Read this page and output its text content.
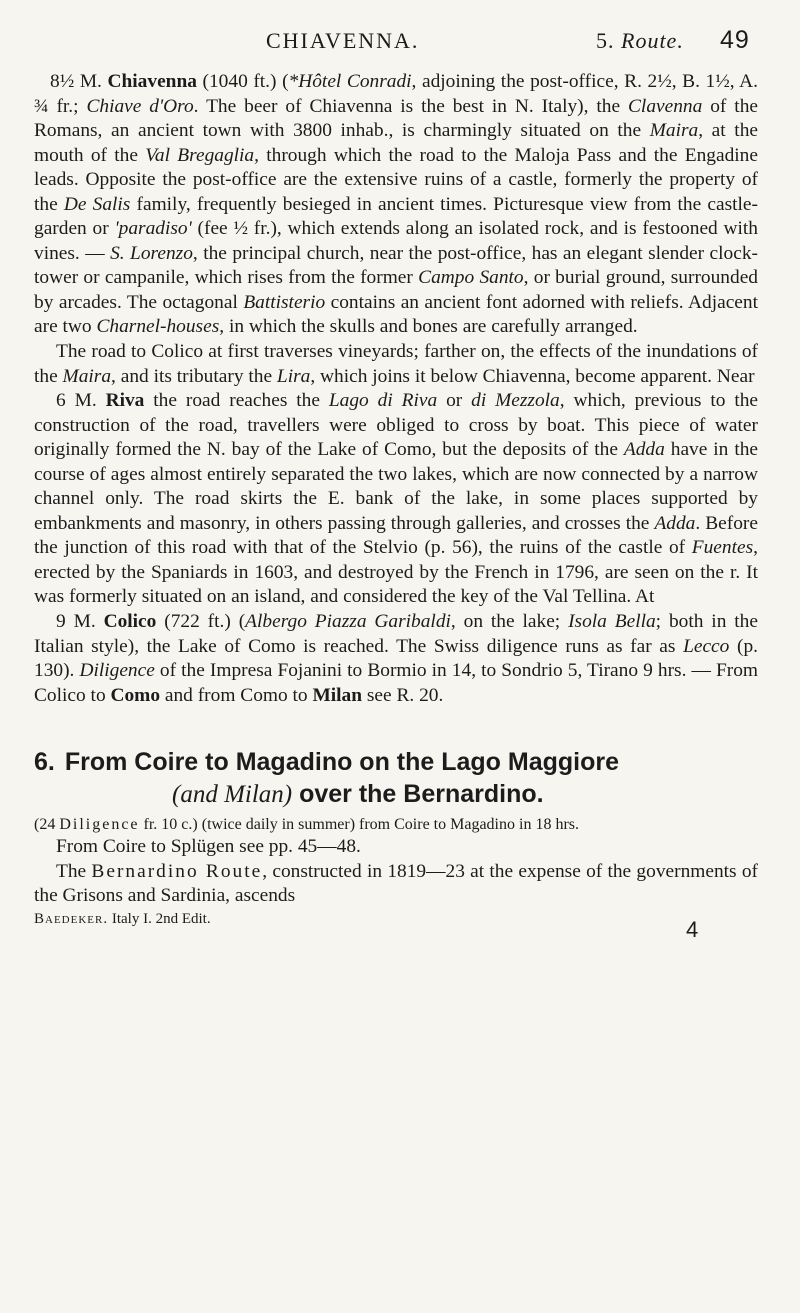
CHIAVENNA.	5. Route. 49

8½ M. Chiavenna (1040 ft.) (*Hôtel Conradi, adjoining the post-office, R. 2½, B. 1½, A. ¾ fr.; Chiave d'Oro. The beer of Chiavenna is the best in N. Italy), the Clavenna of the Romans, an ancient town with 3800 inhab., is charmingly situated on the Maira, at the mouth of the Val Bregaglia, through which the road to the Maloja Pass and the Engadine leads. Opposite the post-office are the extensive ruins of a castle, formerly the property of the De Salis family, frequently besieged in ancient times. Picturesque view from the castle-garden or 'paradiso' (fee ½ fr.), which extends along an isolated rock, and is festooned with vines. — S. Lorenzo, the principal church, near the post-office, has an elegant slender clock-tower or campanile, which rises from the former Campo Santo, or burial ground, surrounded by arcades. The octagonal Battisterio contains an ancient font adorned with reliefs. Adjacent are two Charnel-houses, in which the skulls and bones are carefully arranged.

The road to Colico at first traverses vineyards; farther on, the effects of the inundations of the Maira, and its tributary the Lira, which joins it below Chiavenna, become apparent. Near

6 M. Riva the road reaches the Lago di Riva or di Mezzola, which, previous to the construction of the road, travellers were obliged to cross by boat. This piece of water originally formed the N. bay of the Lake of Como, but the deposits of the Adda have in the course of ages almost entirely separated the two lakes, which are now connected by a narrow channel only. The road skirts the E. bank of the lake, in some places supported by embankments and masonry, in others passing through galleries, and crosses the Adda. Before the junction of this road with that of the Stelvio (p. 56), the ruins of the castle of Fuentes, erected by the Spaniards in 1603, and destroyed by the French in 1796, are seen on the r. It was formerly situated on an island, and considered the key of the Val Tellina. At

9 M. Colico (722 ft.) (Albergo Piazza Garibaldi, on the lake; Isola Bella; both in the Italian style), the Lake of Como is reached. The Swiss diligence runs as far as Lecco (p. 130). Diligence of the Impresa Fojanini to Bormio in 14, to Sondrio 5, Tirano 9 hrs. — From Colico to Como and from Como to Milan see R. 20.

6. From Coire to Magadino on the Lago Maggiore
(and Milan) over the Bernardino.
(24 Diligence fr. 10 c.) (twice daily in summer) from Coire to Magadino in 18 hrs.

From Coire to Splügen see pp. 45—48.

The Bernardino Route, constructed in 1819—23 at the expense of the governments of the Grisons and Sardinia, ascends

Baedeker. Italy I. 2nd Edit.	4
